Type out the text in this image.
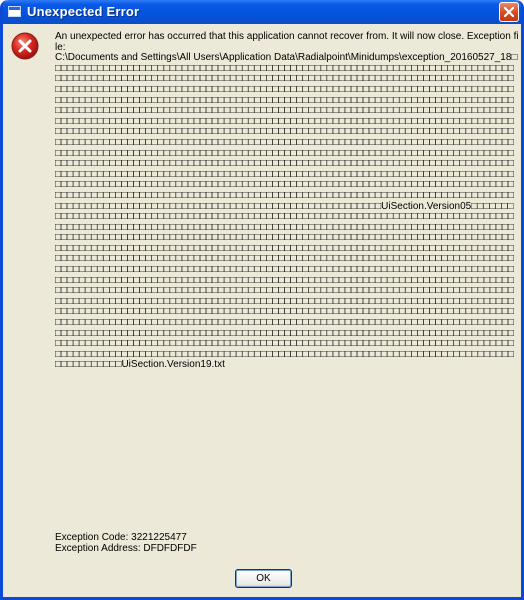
Unexpected Error

An unexpected error has occurred that this application cannot recover from. It will now close. Exception file:

C:\Documents and Settings\All Users\Application Data\Radialpoint\Minidumps\exception_20160527_18□□□□□□□□□□□□□□□□□□□□□□□□□□□□□□□□□□□□□□□□□□□□□□□□□□□□□□□□□□□□□□□□□□□□□□□□□□□□□□□□□□□□□□□□□□□□□□□□□□□□□□□□□□□□□□□□□□□□□□□□□□□□□□□□□□□□□□□□□□□□□□□□□□□□□□□□□□□□□□□□□□□□□□□□□□□□□□□□□□□□□□□□□□□□□□□□□□□□□□□□□□□□□□□□□□□□□□□□□□□□□□□□□□□□□□□□□□□□□□□□□□□□□□□□□□□□□□□□□□□□□□□□□□□□□□□□□□□□□□□□□□□□□□□□□□□□□□□□□□□□□□□□□□□□□□□□□□□□□□□□□□□□□□□□□□□□□□□□□□□□□□□□□□□□□□□□□□□□□□□□□□□□□□□□□□□□□□□□□□□□□□□□□□□□□□□□□□□□□□□□□□□□□□□□□□□□□□□□□□□□□□□□□□□□□□□□□□□□□□□□□□□□□□□□□□□□□□□□□□□□□□□□□□□□□□□□□□□□□□□□□□□□□□□□□□□□□□□□□□□□□□□□□□□□□□□□□□□□□□□□□□□□□□□□□□□□□□□□□□□□□□□□□□□□□□□□□□□□□□□□□□□□□□□□□□□□□□□□□□□□□□□□□□□□□□□□□□□□□□□□□□□□□□□□□□□□□□□□□□□□□□□□□□□□□□□□□□□□□□□□□□□□□□□□□□□□□□□□□□□□□□□□□□□□□□□□□□□□□□□□□□□□□□□□□□□□□□□□□□□□□□□□□□□□□□□□□□□□□□□□□□□□□□□□□□□□□□□□□□□□□□□□□□□□□□□□□□□□□□□□□□□□□□□□□□□□□□□□□□□□□□□□□□□□□□□□□□□□□□□□□□□□□□□□□□□□□□□□□□□□□□□□□□□□□□□□□□□□□□□□□□□□□□□□□□□□□□□□□□□□□□□□□□□□□□□□□□□□□□□□□□□□□□□□□□□□□□□□□□□□□□□□□□□□□□□□□□□□□□□□□□□□□□□□□□□□□□□□□□□□□□□□□□□□□□□□□□□□□□□□□□□□□□□□□□□□□□□□□□□□□□□□□□□□□□□□□□□□□□□□□□□□□□□□□□□□□□□□□□□□□□□□□□□□□□□□□□□□□□□□□□□UiSection.Version05□□□□□□□□□□□□□□□□□□□□□□□□□□□□□□□□□□□□□□□□□□□□□□□□□□□□□□□□□□□□□□□□□□□□□□□□□□□□□□□□□□□□□□□□□□□□□□□□□□□□□□□□□□□□□□□□□□□□□□□□□□□□□□□□□□□□□□□□□□□□□□□□□□□□□□□□□□□□□□□□□□□□□□□□□□□□□□□□□□□□□□□□□□□□□□□□□□□□□□□□□□□□□□□□□□□□□□□□□□□□□□□□□□□□□□□□□□□□□□□□□□□□□□□□□□□□□□□□□□□□□□□□□□□□□□□□□□□□□□□□□□□□□□□□□□□□□□□□□□□□□□□□□□□□□□□□□□□□□□□□□□□□□□□□□□□□□□□□□□□□□□□□□□□□□□□□□□□□□□□□□□□□□□□□□□□□□□□□□□□□□□□□□□□□□□□□□□□□□□□□□□□□□□□□□□□□□□□□□□□□□□□□□□□□□□□□□□□□□□□□□□□□□□□□□□□□□□□□□□□□□□□□□□□□□□□□□□□□□□□□□□□□□□□□□□□□□□□□□□□□□□□□□□□□□□□□□□□□□□□□□□□□□□□□□□□□□□□□□□□□□□□□□□□□□□□□□□□□□□□□□□□□□□□□□□□□□□□□□□□□□□□□□□□□□□□□□□□□□□□□□□□□□□□□□□□□□□□□□□□□□□□□□□□□□□□□□□□□□□□□□□□□□□□□□□□□□□□□□□□□□□□□□□□□□□□□□□□□□□□□□□□□□□□□□□□□□□□□□□□□□□□□□□□□□□□□□□□□□□□□□□□□□□□□□□□□□□□□□□□□□□□□□□□□□□□□□□□□□□□□□□□□□□□□□□□□□□□□□□□□□□□□□□□□□□□□□□□□□□□□□□□□□□□□□□□□□□□□□□□□□□□□□□□□□□□□□□□□□□□□□□□□□□□□□□□□□□□□□□□□□□□□□□□□□□□□□□□□□□□□□□□□□□□□□□□□□□□□□□□□□□□□□□□□□□□□□□□□□□□□□□□□□□□□□□□□□□□□□□□□□□□□□□□□□□□□□□□□□□□□□□□□□□□□□□□□□□□□□□□□□□□□□□□□□□□□□□□□□□□□□□□□□□□□□□□□□□□□□□□□□□□□□□□□□□□□□□□□□□□□□□□□□□□□□□□□□□□□□□□□□□□□□□□□□□□□□□□□□□□□□□UiSection.Version19.txt

Exception Code: 3221225477
Exception Address: DFDFDFDF
OK
